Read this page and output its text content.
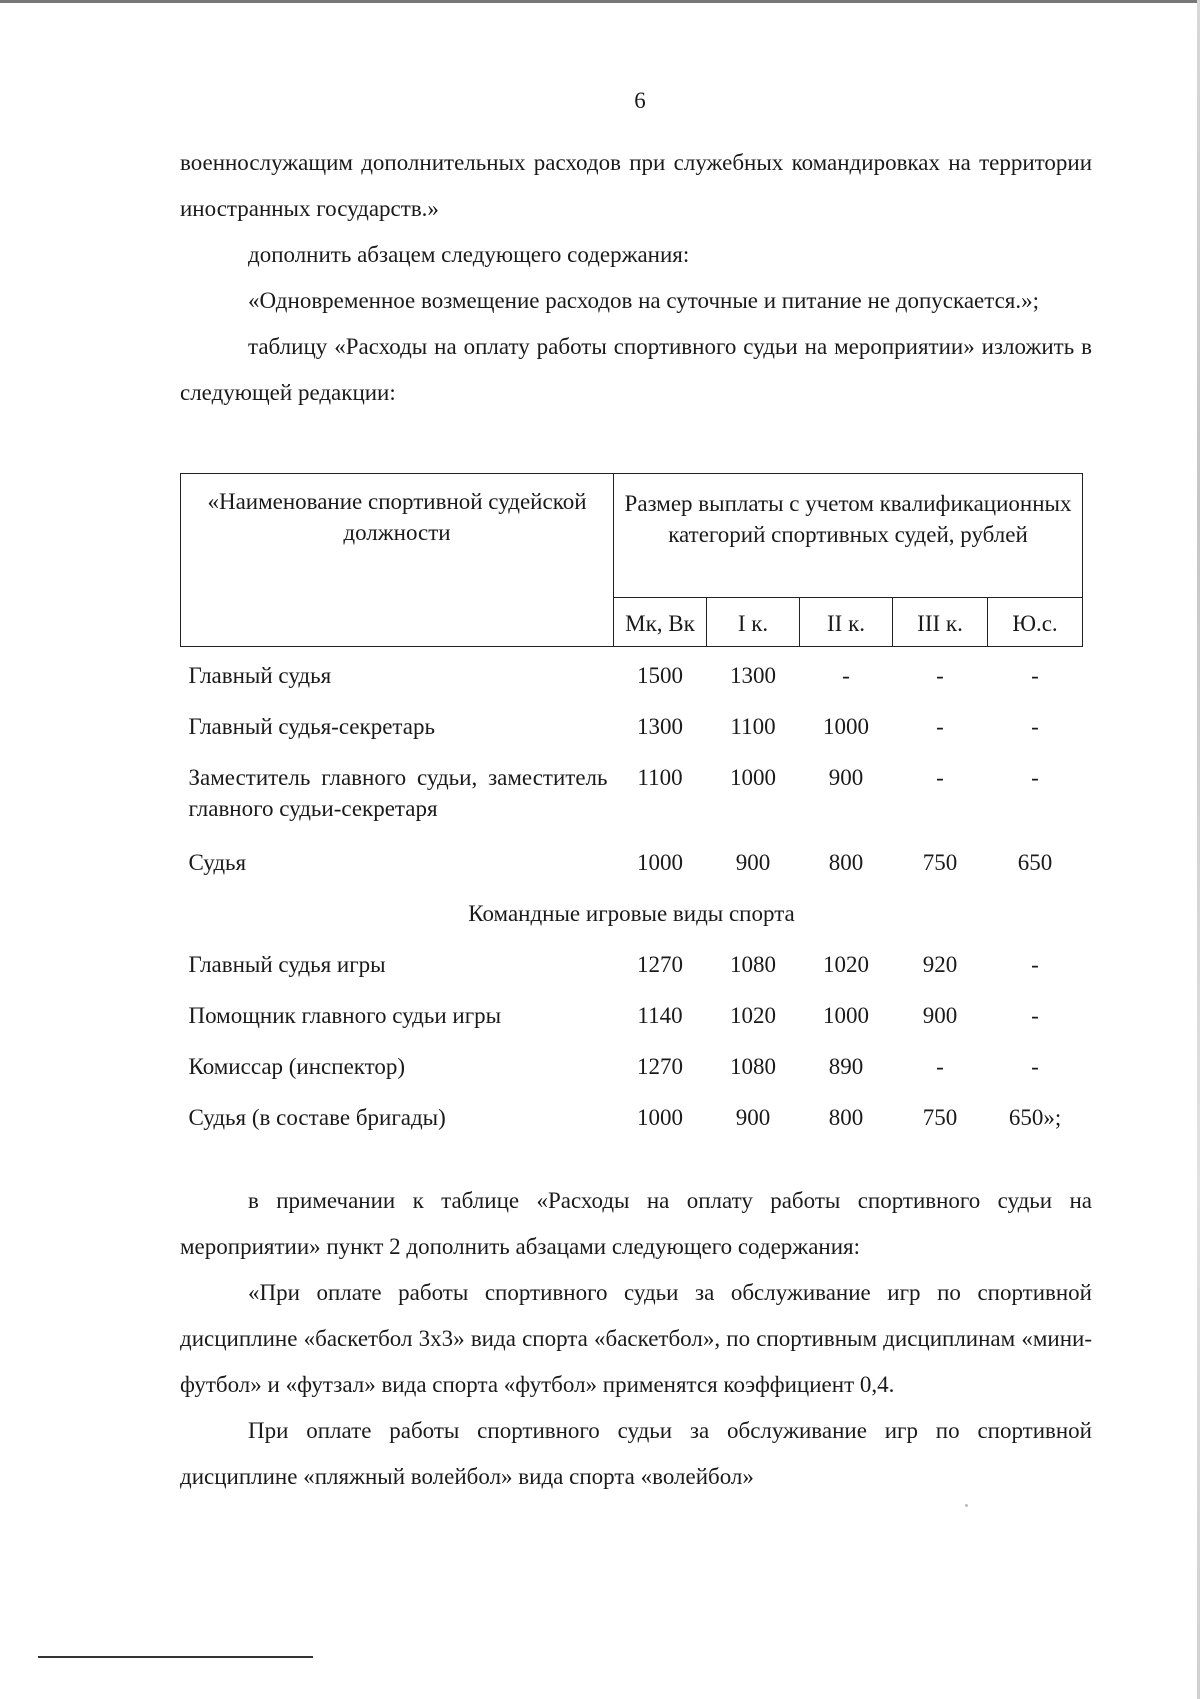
6

военнослужащим дополнительных расходов при служебных командировках на территории иностранных государств.»

дополнить абзацем следующего содержания:

«Одновременное возмещение расходов на суточные и питание не допускается.»;

таблицу «Расходы на оплату работы спортивного судьи на мероприятии» изложить в следующей редакции:

«Наименование спортивной судейской должности	Размер выплаты с учетом квалификационных категорий спортивных судей, рублей				
	Мк, Вк	I к.	II к.	III к.	Ю.с.
Главный судья	1500	1300	-	-	-
Главный судья-секретарь	1300	1100	1000	-	-
Заместитель главного судьи, заместитель главного судьи-секретаря	1100	1000	900	-	-
Судья	1000	900	800	750	650
Командные игровые виды спорта					
Главный судья игры	1270	1080	1020	920	-
Помощник главного судьи игры	1140	1020	1000	900	-
Комиссар (инспектор)	1270	1080	890	-	-
Судья (в составе бригады)	1000	900	800	750	650»;

в примечании к таблице «Расходы на оплату работы спортивного судьи на мероприятии» пункт 2 дополнить абзацами следующего содержания:

«При оплате работы спортивного судьи за обслуживание игр по спортивной дисциплине «баскетбол 3х3» вида спорта «баскетбол», по спортивным дисциплинам «мини-футбол» и «футзал» вида спорта «футбол» применятся коэффициент 0,4.

При оплате работы спортивного судьи за обслуживание игр по спортивной дисциплине «пляжный волейбол» вида спорта «волейбол»
